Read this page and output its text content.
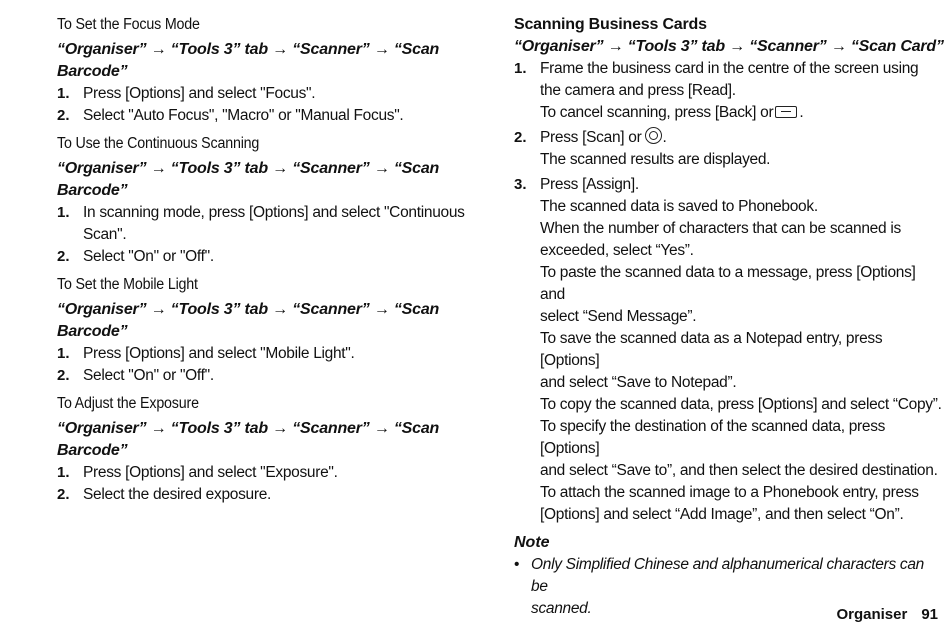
To Set the Focus Mode
“Organiser” → “Tools 3” tab → “Scanner” → “Scan
Barcode”
1. Press [Options] and select "Focus".
2. Select "Auto Focus", "Macro" or "Manual Focus".
To Use the Continuous Scanning
“Organiser” → “Tools 3” tab → “Scanner” → “Scan
Barcode”
1. In scanning mode, press [Options] and select "Continuous
Scan".
2. Select "On" or "Off".
To Set the Mobile Light
“Organiser” → “Tools 3” tab → “Scanner” → “Scan
Barcode”
1. Press [Options] and select "Mobile Light".
2. Select "On" or "Off".
To Adjust the Exposure
“Organiser” → “Tools 3” tab → “Scanner” → “Scan
Barcode”
1. Press [Options] and select "Exposure".
2. Select the desired exposure.
Scanning Business Cards
“Organiser” → “Tools 3” tab → “Scanner” → “Scan Card”
1. Frame the business card in the centre of the screen using
the camera and press [Read].
To cancel scanning, press [Back] or .
2. Press [Scan] or .
The scanned results are displayed.
3. Press [Assign].
The scanned data is saved to Phonebook.
When the number of characters that can be scanned is
exceeded, select “Yes”.
To paste the scanned data to a message, press [Options] and
select “Send Message”.
To save the scanned data as a Notepad entry, press [Options]
and select “Save to Notepad”.
To copy the scanned data, press [Options] and select “Copy”.
To specify the destination of the scanned data, press [Options]
and select “Save to”, and then select the desired destination.
To attach the scanned image to a Phonebook entry, press
[Options] and select “Add Image”, and then select “On”.
Note
• Only Simplified Chinese and alphanumerical characters can be
scanned.	Organiser 91
